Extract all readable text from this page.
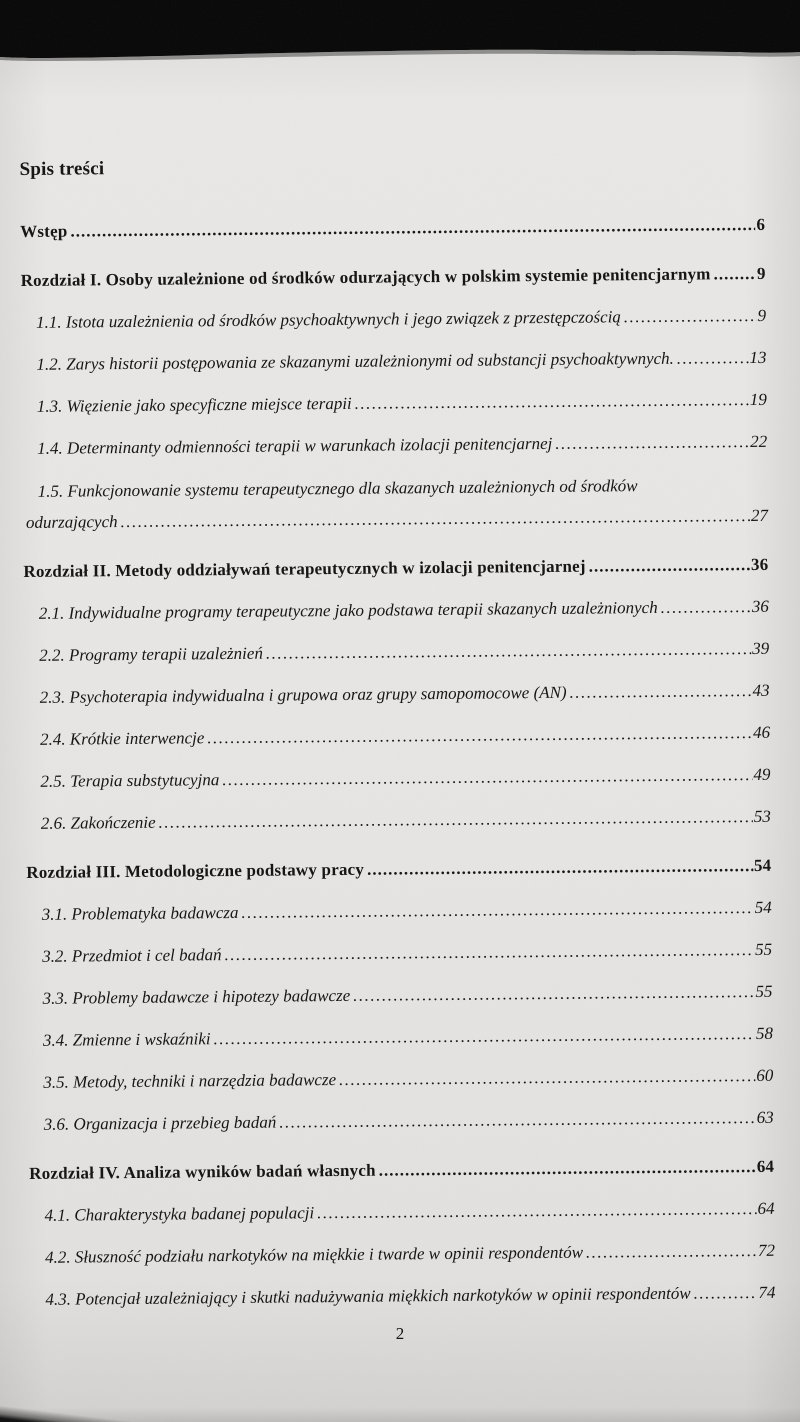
Spis treści
Wstęp .....	6
Rozdział I. Osoby uzależnione od środków odurzających w polskim systemie penitencjarnym .....	9
1.1. Istota uzależnienia od środków psychoaktywnych i jego związek z przestępczością .....	9
1.2. Zarys historii postępowania ze skazanymi uzależnionymi od substancji psychoaktywnych. .....	13
1.3. Więzienie jako specyficzne miejsce terapii .....	19
1.4. Determinanty odmienności terapii w warunkach izolacji penitencjarnej .....	22
1.5. Funkcjonowanie systemu terapeutycznego dla skazanych uzależnionych od środków
odurzających .....	27
Rozdział II. Metody oddziaływań terapeutycznych w izolacji penitencjarnej .....	36
2.1. Indywidualne programy terapeutyczne jako podstawa terapii skazanych uzależnionych .....	36
2.2. Programy terapii uzależnień .....	39
2.3. Psychoterapia indywidualna i grupowa oraz grupy samopomocowe (AN) .....	43
2.4. Krótkie interwencje .....	46
2.5. Terapia substytucyjna .....	49
2.6. Zakończenie .....	53
Rozdział III. Metodologiczne podstawy pracy .....	54
3.1. Problematyka badawcza .....	54
3.2. Przedmiot i cel badań .....	55
3.3. Problemy badawcze i hipotezy badawcze .....	55
3.4. Zmienne i wskaźniki .....	58
3.5. Metody, techniki i narzędzia badawcze .....	60
3.6. Organizacja i przebieg badań .....	63
Rozdział IV. Analiza wyników badań własnych .....	64
4.1. Charakterystyka badanej populacji .....	64
4.2. Słuszność podziału narkotyków na miękkie i twarde w opinii respondentów .....	72
4.3. Potencjał uzależniający i skutki nadużywania miękkich narkotyków w opinii respondentów .....	74
2
